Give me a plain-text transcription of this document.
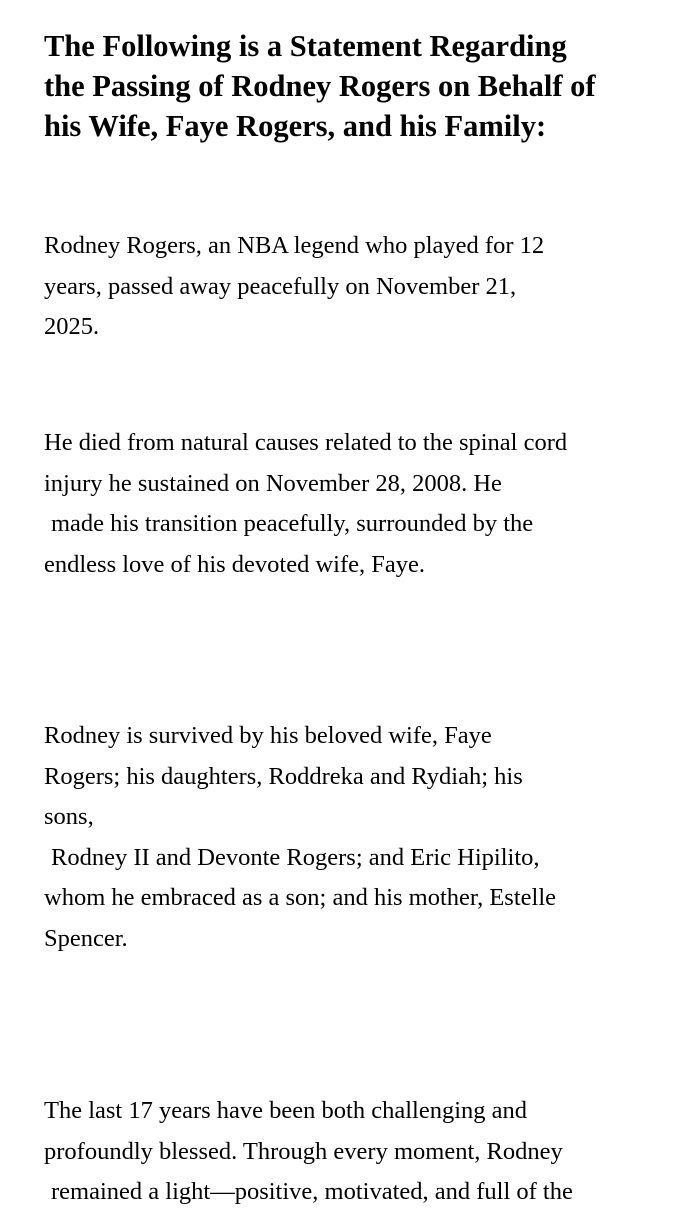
The Following is a Statement Regarding
the Passing of Rodney Rogers on Behalf of
his Wife, Faye Rogers, and his Family:

Rodney Rogers, an NBA legend who played for 12
years, passed away peacefully on November 21,
2025.

He died from natural causes related to the spinal cord
injury he sustained on November 28, 2008. He
made his transition peacefully, surrounded by the
endless love of his devoted wife, Faye.

Rodney is survived by his beloved wife, Faye
Rogers; his daughters, Roddreka and Rydiah; his
sons,
Rodney II and Devonte Rogers; and Eric Hipilito,
whom he embraced as a son; and his mother, Estelle
Spencer.

The last 17 years have been both challenging and
profoundly blessed. Through every moment, Rodney
remained a light—positive, motivated, and full of the
